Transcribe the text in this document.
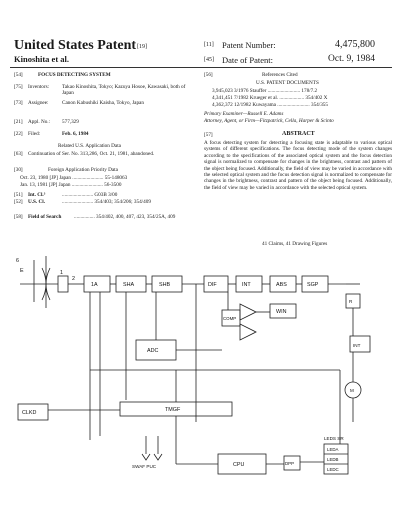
United States Patent [19]
Kinoshita et al.
[11] Patent Number:	4,475,800
[45] Date of Patent:	Oct. 9, 1984
[54]	FOCUS DETECTING SYSTEM
[75] Inventors: Takao Kinoshita, Tokyo; Kazuya Hosoe, Kawasaki, both of Japan
[73] Assignee:	Canon Kabushiki Kaisha, Tokyo, Japan
[21] Appl. No.: 577,329
[22] Filed:	Feb. 6, 1984
Related U.S. Application Data
[63] Continuation of Ser. No. 313,286, Oct. 21, 1981, abandoned.
[30]	Foreign Application Priority Data
Oct. 23, 1980 [JP] Japan ........................ 55-148063
Jan. 13, 1981 [JP] Japan ........................ 56-3500
[51] Int. Cl.³	........................ G03B 3/00
[52] U.S. Cl.	........................ 354/403; 354/206; 354/409
[58] Field of Search ................ 354/402, 400, 407, 423, 354/25A, 409
[56]	References Cited
U.S. PATENT DOCUMENTS
3,945,023 3/1976 Stauffer ......................... 178/7.2
4,341,451 7/1982 Krueger et al. ................... 354/402 X
4,362,372 12/1982 Kuwayama ......................... 354/355
Primary Examiner—Russell E. Adams
Attorney, Agent, or Firm—Fitzpatrick, Cella, Harper & Scinto
[57]	ABSTRACT
A focus detecting system for detecting a focusing state is adaptable to various optical systems of different specifications. The focus detecting mode of the system changes according to the specifications of the associated optical system and the focus detection signal is normalized to compensate for changes in the brightness, contrast and pattern of the object being focused. Additionally, the field of view may be varied in accordance with the selected optical system and the focus detection signal is normalized to compensate for changes in the brightness, contrast and pattern of the object being focused. Additionally, the field of view may be varied in accordance with the selected optical system.
41 Claims, 41 Drawing Figures
6
E	1
2
1A	SHA	SHB	DIF	INT	ABS	SGP
COMP
WIN
ADC
CLKD	TMGF
CPU	DPP
SWAF PUC
LEDS SR
LEDA
LEDB
LEDC
INT
R
M
